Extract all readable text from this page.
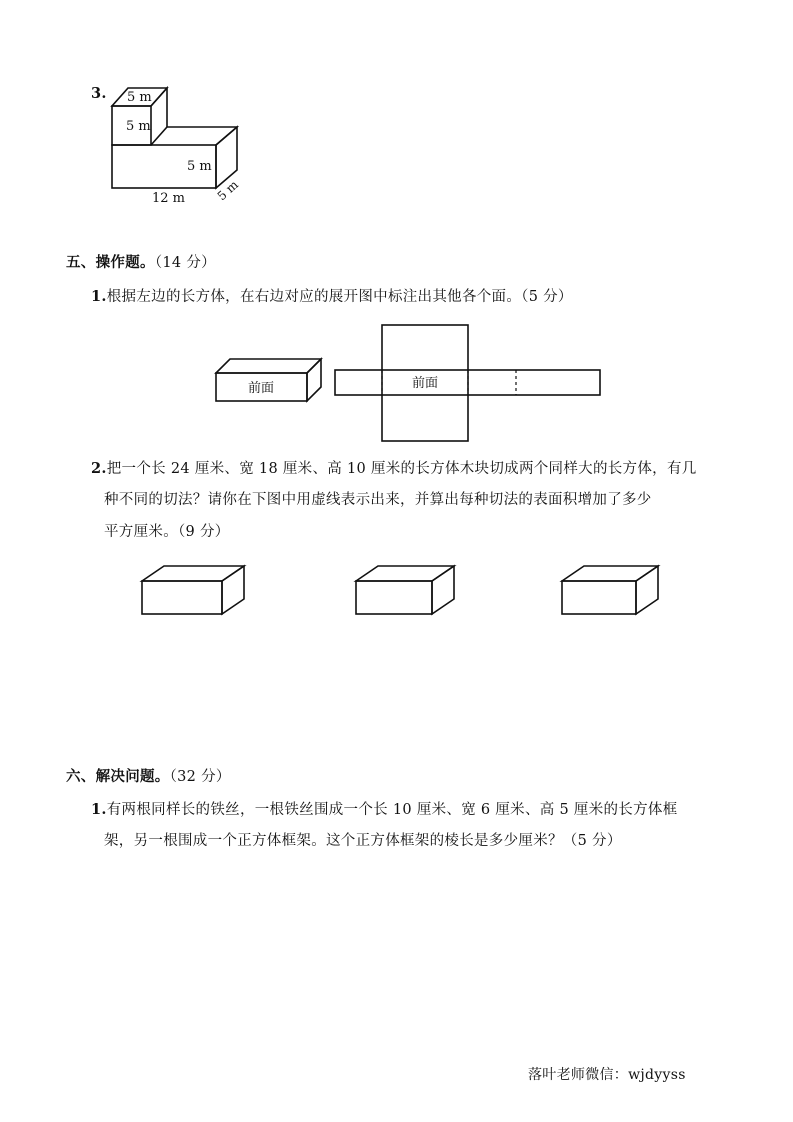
3. 5 m
5 m
5 m
5 m
12 m
五、操作题。（14 分）
1.根据左边的长方体，在右边对应的展开图中标注出其他各个面。（5 分）
前面	前面
2.把一个长 24 厘米、宽 18 厘米、高 10 厘米的长方体木块切成两个同样大的长方体，有几
种不同的切法？请你在下图中用虚线表示出来，并算出每种切法的表面积增加了多少
平方厘米。（9 分）
六、解决问题。（32 分）
1.有两根同样长的铁丝，一根铁丝围成一个长 10 厘米、宽 6 厘米、高 5 厘米的长方体框
架，另一根围成一个正方体框架。这个正方体框架的棱长是多少厘米？（5 分）
落叶老师微信：wjdyyss
